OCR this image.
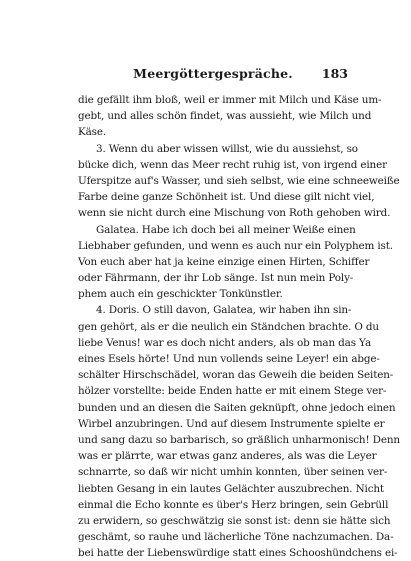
Meergöttergespräche.	183
die gefällt ihm bloß, weil er immer mit Milch und Käse um-
gebt, und alles schön findet, was aussieht, wie Milch und
Käse.
3. Wenn du aber wissen willst, wie du aussiehst, so
bücke dich, wenn das Meer recht ruhig ist, von irgend einer
Uferspitze auf's Wasser, und sieh selbst, wie eine schneeweiße
Farbe deine ganze Schönheit ist. Und diese gilt nicht viel,
wenn sie nicht durch eine Mischung von Roth gehoben wird.
Galatea. Habe ich doch bei all meiner Weiße einen
Liebhaber gefunden, und wenn es auch nur ein Polyphem ist.
Von euch aber hat ja keine einzige einen Hirten, Schiffer
oder Fährmann, der ihr Lob sänge. Ist nun mein Poly-
phem auch ein geschickter Tonkünstler.
4. Doris. O still davon, Galatea, wir haben ihn sin-
gen gehört, als er die neulich ein Ständchen brachte. O du
liebe Venus! war es doch nicht anders, als ob man das Ya
eines Esels hörte! Und nun vollends seine Leyer! ein abge-
schälter Hirschschädel, woran das Geweih die beiden Seiten-
hölzer vorstellte: beide Enden hatte er mit einem Stege ver-
bunden und an diesen die Saiten geknüpft, ohne jedoch einen
Wirbel anzubringen. Und auf diesem Instrumente spielte er
und sang dazu so barbarisch, so gräßlich unharmonisch! Denn
was er plärrte, war etwas ganz anderes, als was die Leyer
schnarrte, so daß wir nicht umhin konnten, über seinen ver-
liebten Gesang in ein lautes Gelächter auszubrechen. Nicht
einmal die Echo konnte es über's Herz bringen, sein Gebrüll
zu erwidern, so geschwätzig sie sonst ist: denn sie hätte sich
geschämt, so rauhe und lächerliche Töne nachzumachen. Da-
bei hatte der Liebenswürdige statt eines Schooshündchens ei-
